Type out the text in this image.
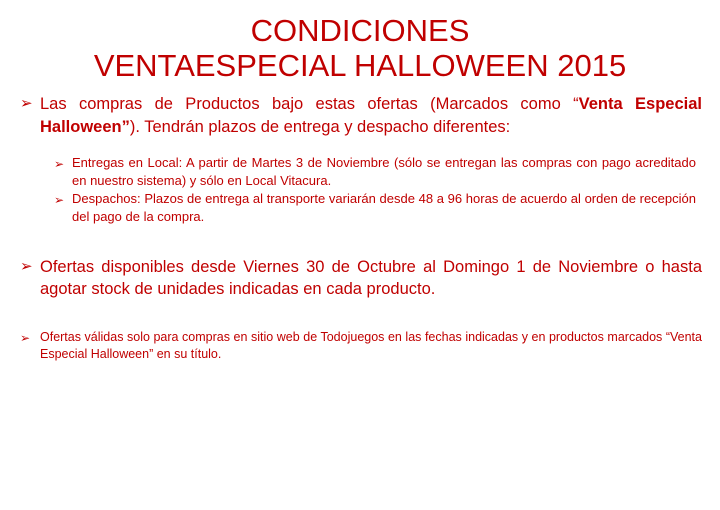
CONDICIONES
VENTAESPECIAL HALLOWEEN 2015
➢ Las compras de Productos bajo estas ofertas (Marcados como “Venta Especial Halloween”). Tendrán plazos de entrega y despacho diferentes:
➢ Entregas en Local: A partir de Martes 3 de Noviembre (sólo se entregan las compras con pago acreditado en nuestro sistema) y sólo en Local Vitacura.
➢ Despachos: Plazos de entrega al transporte variarán desde 48 a 96 horas de acuerdo al orden de recepción del pago de la compra.
➢ Ofertas disponibles desde Viernes 30 de Octubre al Domingo 1 de Noviembre o hasta agotar stock de unidades indicadas en cada producto.
➢ Ofertas válidas solo para compras en sitio web de Todojuegos en las fechas indicadas y en productos marcados “Venta Especial Halloween” en su título.
